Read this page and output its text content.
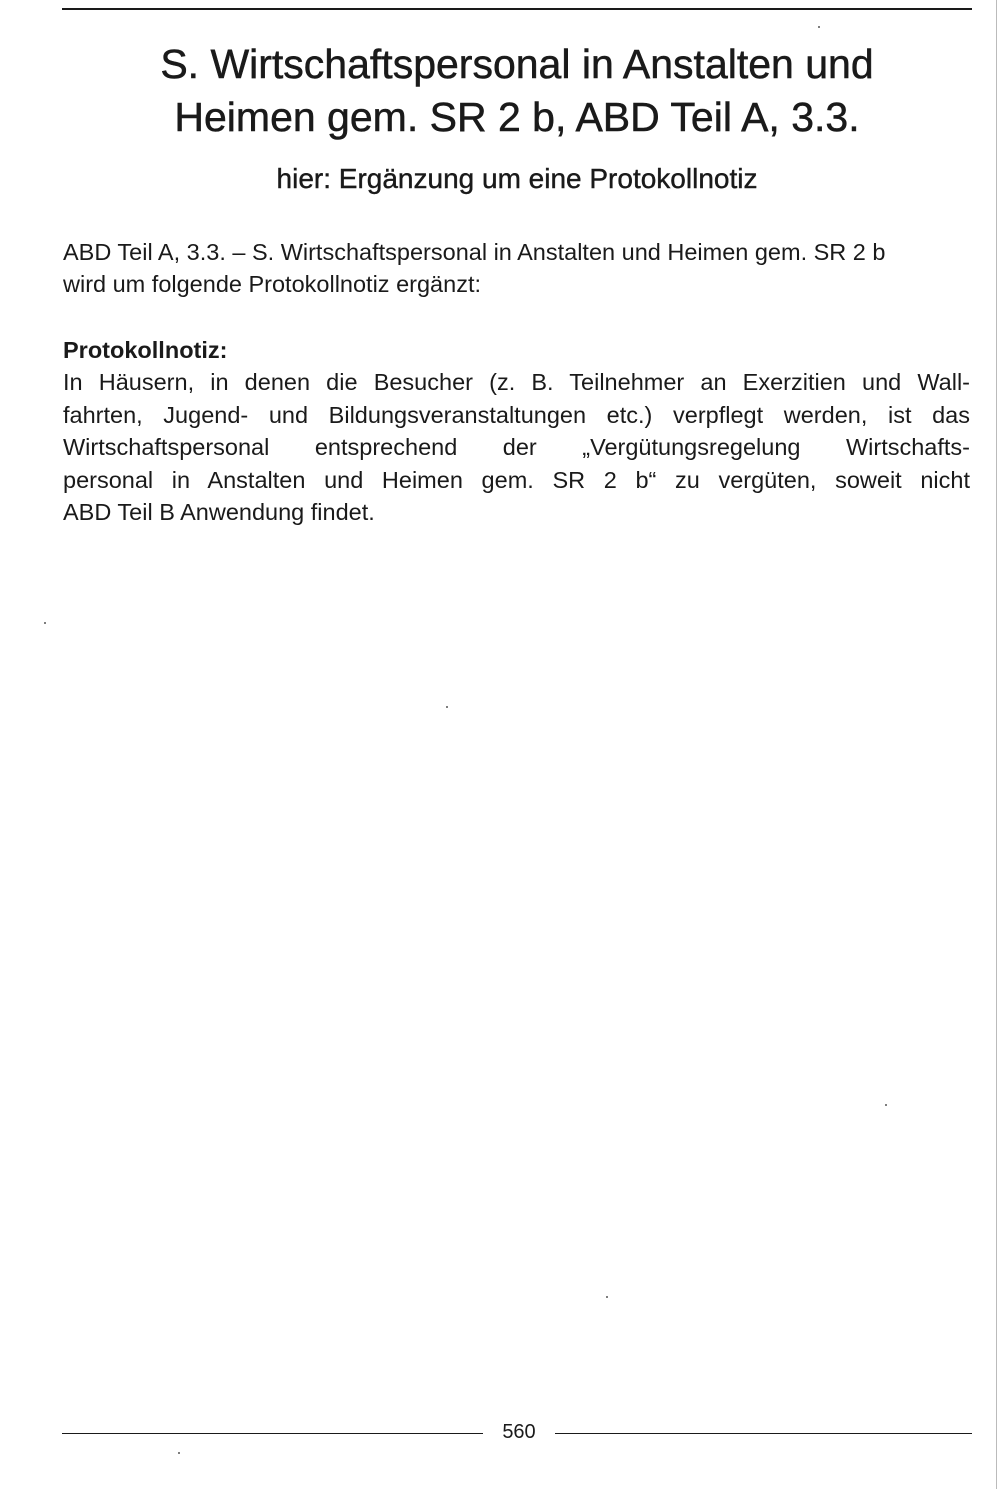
S. Wirtschaftspersonal in Anstalten und
Heimen gem. SR 2 b, ABD Teil A, 3.3.
hier: Ergänzung um eine Protokollnotiz

ABD Teil A, 3.3. – S. Wirtschaftspersonal in Anstalten und Heimen gem. SR 2 b
wird um folgende Protokollnotiz ergänzt:

Protokollnotiz:

In Häusern, in denen die Besucher (z. B. Teilnehmer an Exerzitien und Wall-
fahrten, Jugend- und Bildungsveranstaltungen etc.) verpflegt werden, ist das
Wirtschaftspersonal entsprechend der „Vergütungsregelung Wirtschafts-
personal in Anstalten und Heimen gem. SR 2 b“ zu vergüten, soweit nicht
ABD Teil B Anwendung findet.

560
